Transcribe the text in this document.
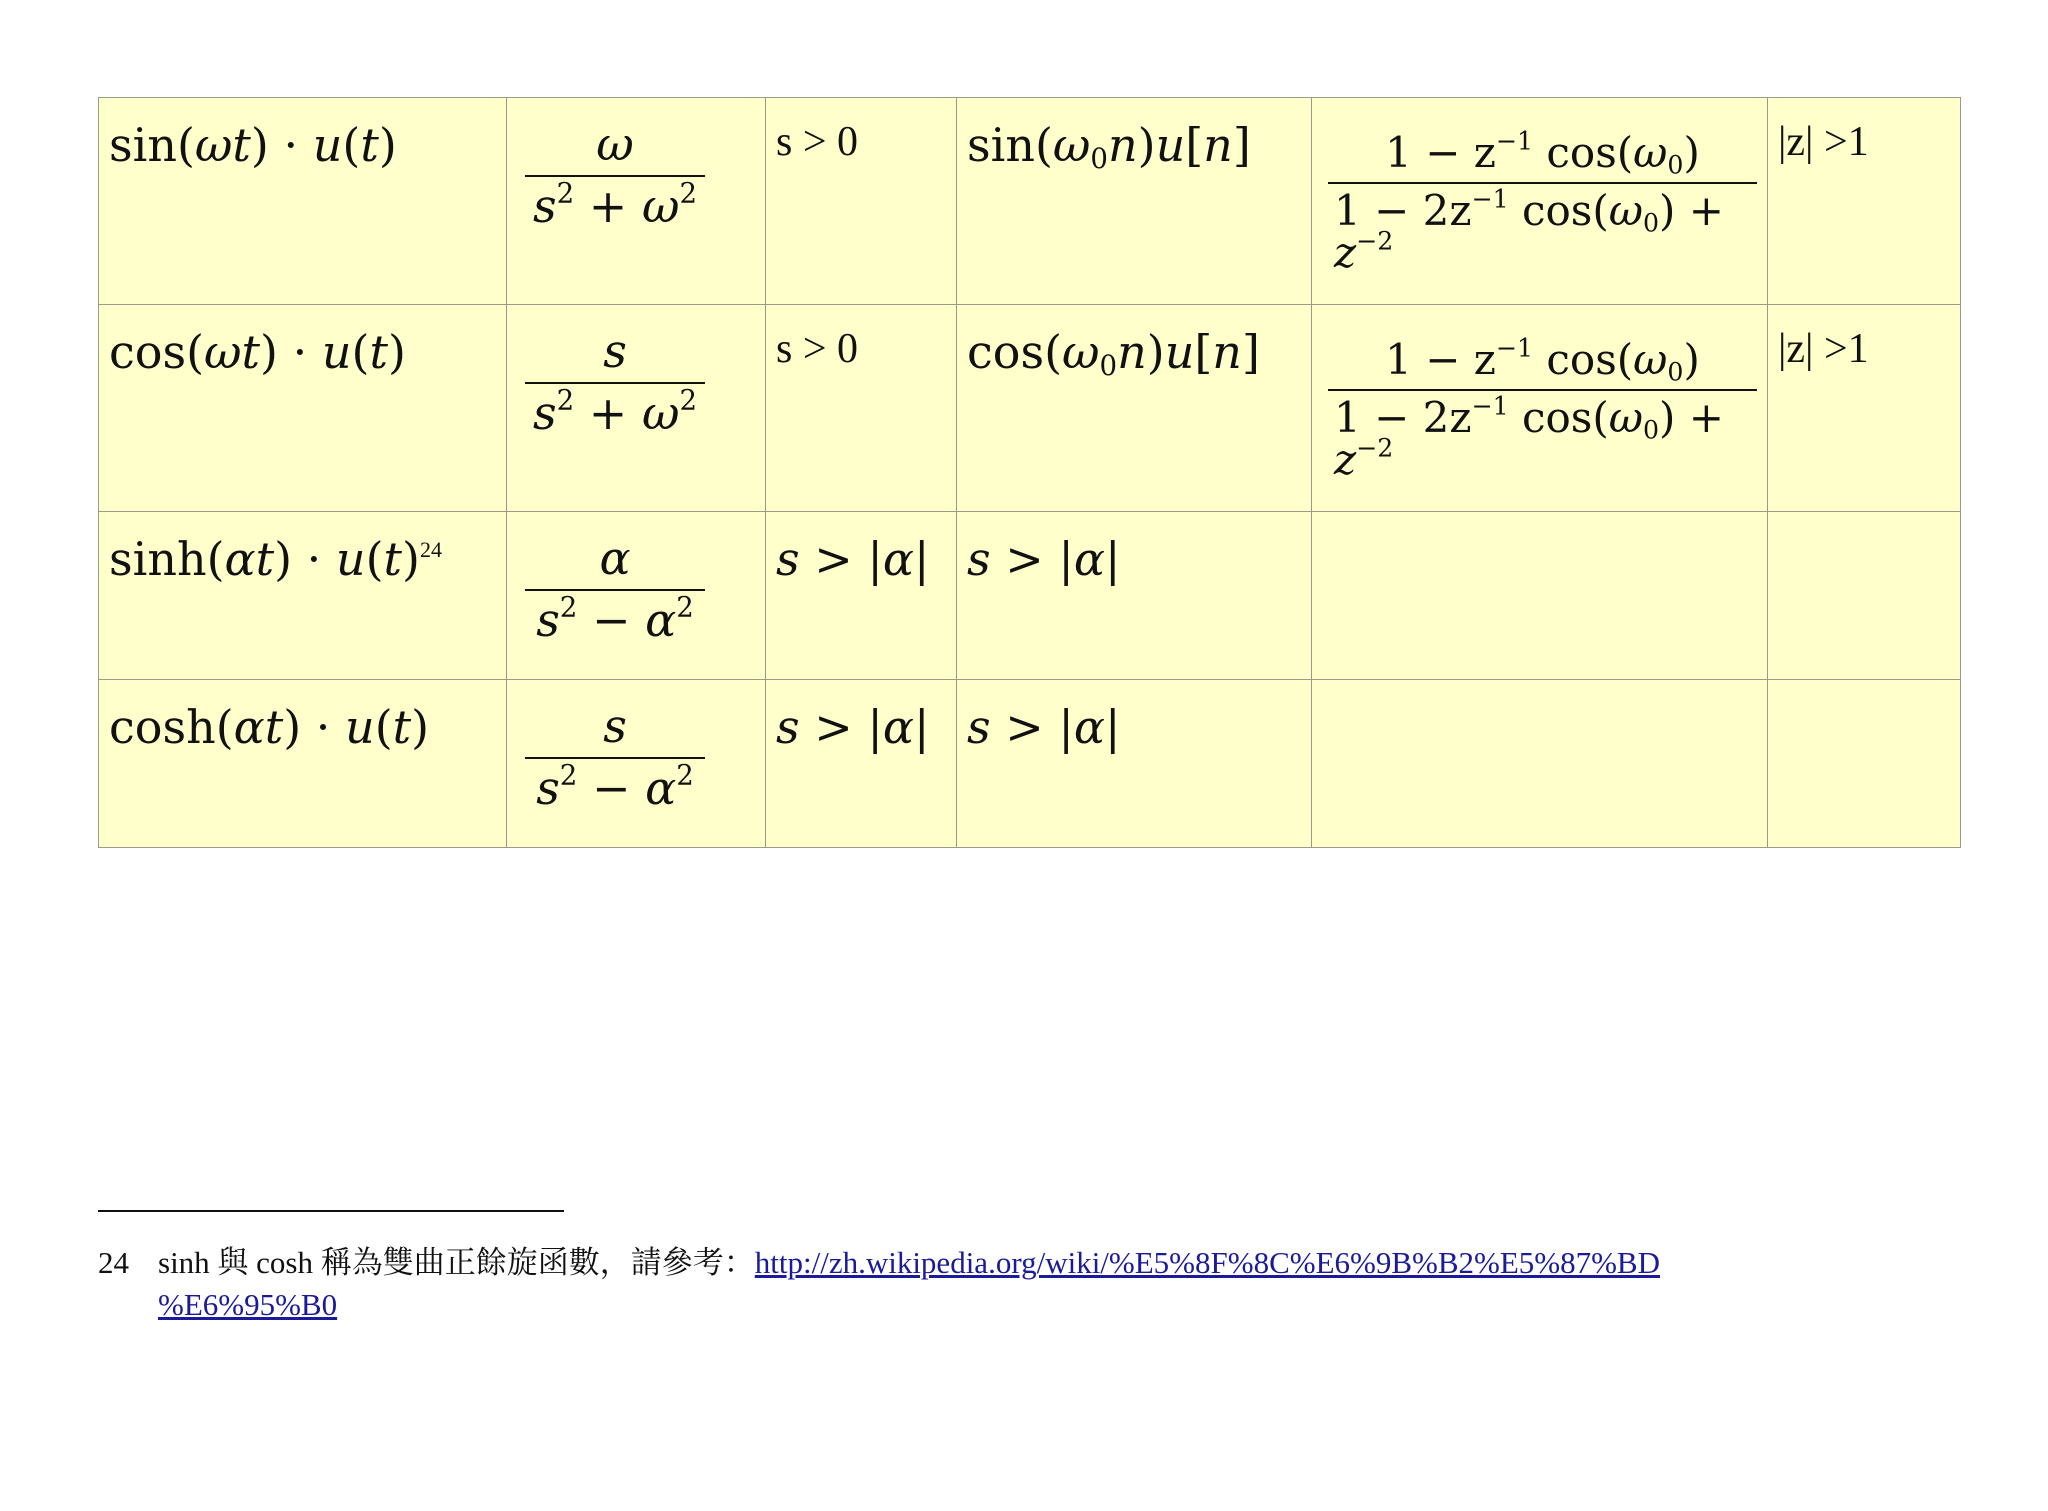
sin(ωt) · u(t)	$\frac{\omega}{s^2 + \omega^2}$	s > 0	$\sin(\omega_0n)u[n]$	$\frac{1 - z^{-1} \cos(\omega_0)}{1 - 2z^{-1} \cos(\omega_0) + z^{-2}}$	|z| >1
cos(ωt) · u(t)	$\frac{s}{s^2 + \omega^2}$	s > 0	$\cos(\omega_0n)u[n]$	$\frac{1 - z^{-1} \cos(\omega_0)}{1 - 2z^{-1} \cos(\omega_0) + z^{-2}}$	|z| >1
sinh(αt) · u(t)$^{24}$	$\frac{\alpha}{s^2 - \alpha^2}$	s > |α|	s > |α|		
cosh(αt) · u(t)	$\frac{s}{s^2 - \alpha^2}$	s > |α|	s > |α|		
24 sinh 與 cosh 稱為雙曲正餘旋函數，請參考：http://zh.wikipedia.org/wiki/%E5%8F%8C%E6%9B%B2%E5%87%BD
%E6%95%B0
